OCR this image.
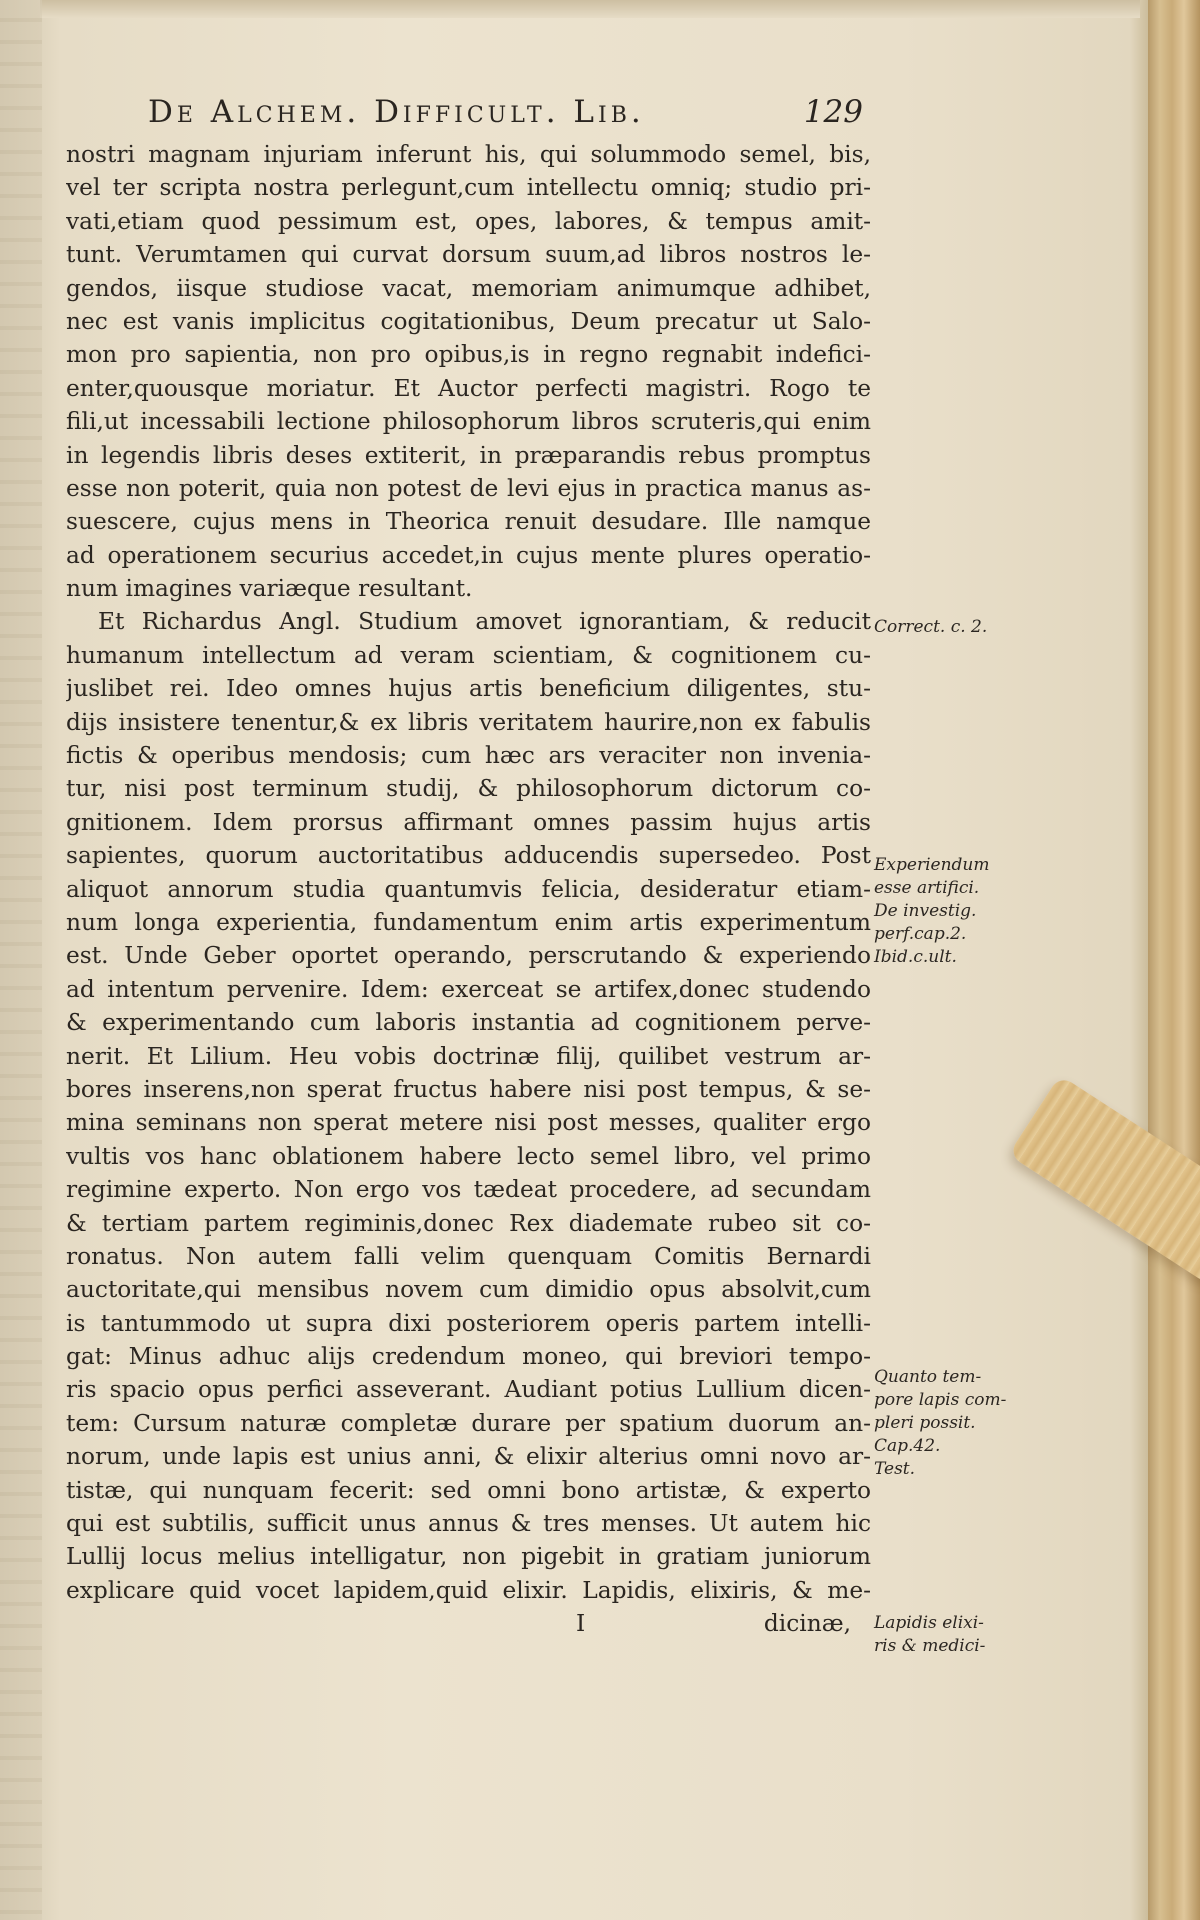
De Alchem. Difficult. Lib.	129
nostri magnam injuriam inferunt his, qui solummodo semel, bis,
vel ter scripta nostra perlegunt,cum intellectu omniq; studio pri-
vati,etiam quod pessimum est, opes, labores, & tempus amit-
tunt. Verumtamen qui curvat dorsum suum,ad libros nostros le-
gendos, iisque studiose vacat, memoriam animumque adhibet,
nec est vanis implicitus cogitationibus, Deum precatur ut Salo-
mon pro sapientia, non pro opibus,is in regno regnabit indefici-
enter,quousque moriatur. Et Auctor perfecti magistri. Rogo te
fili,ut incessabili lectione philosophorum libros scruteris,qui enim
in legendis libris deses extiterit, in præparandis rebus promptus
esse non poterit, quia non potest de levi ejus in practica manus as-
suescere, cujus mens in Theorica renuit desudare. Ille namque
ad operationem securius accedet,in cujus mente plures operatio-
num imagines variæque resultant.
Et Richardus Angl. Studium amovet ignorantiam, & reducit
humanum intellectum ad veram scientiam, & cognitionem cu-
juslibet rei. Ideo omnes hujus artis beneficium diligentes, stu-
dijs insistere tenentur,& ex libris veritatem haurire,non ex fabulis
fictis & operibus mendosis; cum hæc ars veraciter non invenia-
tur, nisi post terminum studij, & philosophorum dictorum co-
gnitionem. Idem prorsus affirmant omnes passim hujus artis
sapientes, quorum auctoritatibus adducendis supersedeo. Post
aliquot annorum studia quantumvis felicia, desideratur etiam-
num longa experientia, fundamentum enim artis experimentum
est. Unde Geber oportet operando, perscrutando & experiendo
ad intentum pervenire. Idem: exerceat se artifex,donec studendo
& experimentando cum laboris instantia ad cognitionem perve-
nerit. Et Lilium. Heu vobis doctrinæ filij, quilibet vestrum ar-
bores inserens,non sperat fructus habere nisi post tempus, & se-
mina seminans non sperat metere nisi post messes, qualiter ergo
vultis vos hanc oblationem habere lecto semel libro, vel primo
regimine experto. Non ergo vos tædeat procedere, ad secundam
& tertiam partem regiminis,donec Rex diademate rubeo sit co-
ronatus. Non autem falli velim quenquam Comitis Bernardi
auctoritate,qui mensibus novem cum dimidio opus absolvit,cum
is tantummodo ut supra dixi posteriorem operis partem intelli-
gat: Minus adhuc alijs credendum moneo, qui breviori tempo-
ris spacio opus perfici asseverant. Audiant potius Lullium dicen-
tem: Cursum naturæ completæ durare per spatium duorum an-
norum, unde lapis est unius anni, & elixir alterius omni novo ar-
tistæ, qui nunquam fecerit: sed omni bono artistæ, & experto
qui est subtilis, sufficit unus annus & tres menses. Ut autem hic
Lullij locus melius intelligatur, non pigebit in gratiam juniorum
explicare quid vocet lapidem,quid elixir. Lapidis, elixiris, & me-
I	dicinæ,
Correct. c. 2.
Experiendum
esse artifici.
De investig.
perf.cap.2.
Ibid.c.ult.
Quanto tem-
pore lapis com-
pleri possit.
Cap.42.
Test.
Lapidis elixi-
ris & medici-
